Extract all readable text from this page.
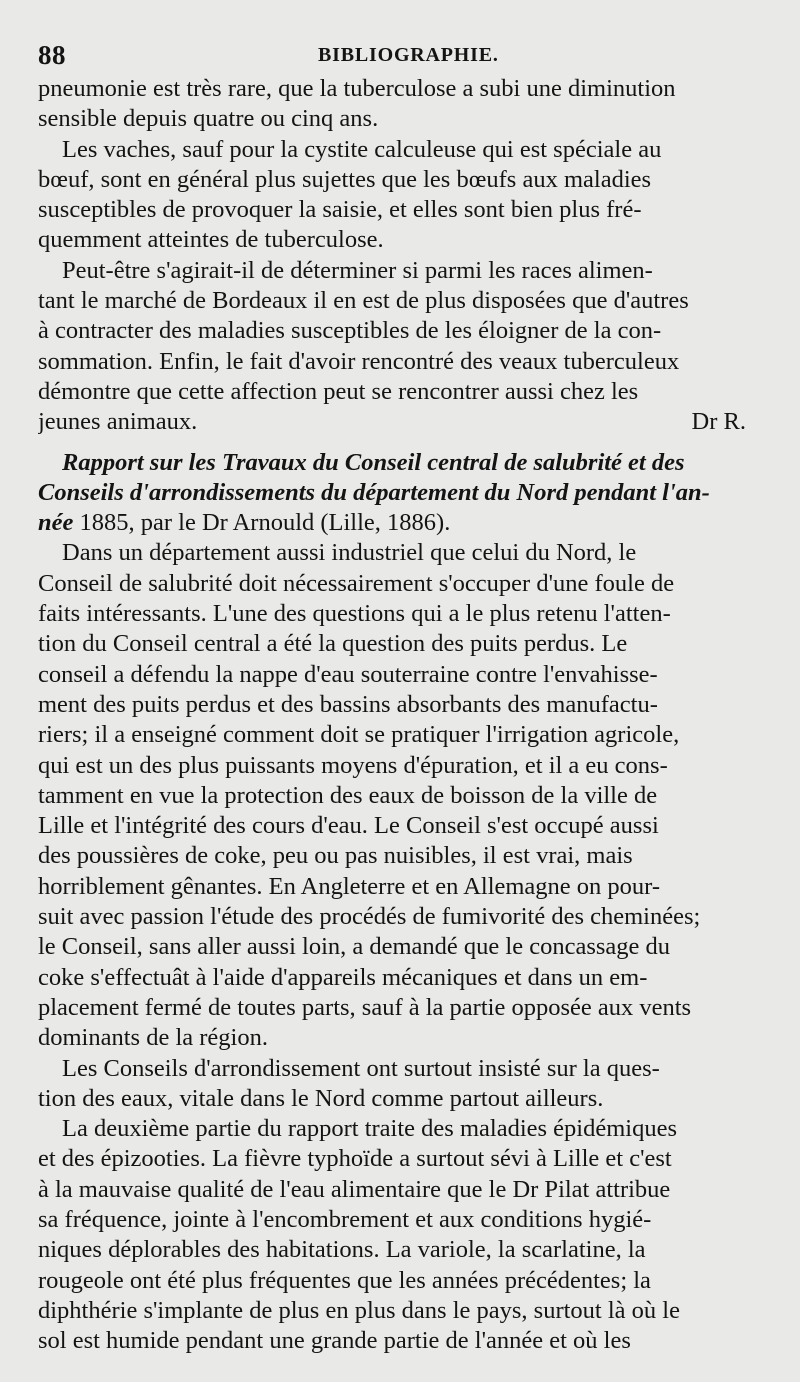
88	BIBLIOGRAPHIE.
pneumonie est très rare, que la tuberculose a subi une diminution
sensible depuis quatre ou cinq ans.
Les vaches, sauf pour la cystite calculeuse qui est spéciale au
bœuf, sont en général plus sujettes que les bœufs aux maladies
susceptibles de provoquer la saisie, et elles sont bien plus fré-
quemment atteintes de tuberculose.
Peut-être s'agirait-il de déterminer si parmi les races alimen-
tant le marché de Bordeaux il en est de plus disposées que d'autres
à contracter des maladies susceptibles de les éloigner de la con-
sommation. Enfin, le fait d'avoir rencontré des veaux tuberculeux
démontre que cette affection peut se rencontrer aussi chez les
jeunes animaux.	Dr R.
Rapport sur les Travaux du Conseil central de salubrité et des
Conseils d'arrondissements du département du Nord pendant l'an-
née 1885, par le Dr Arnould (Lille, 1886).
Dans un département aussi industriel que celui du Nord, le
Conseil de salubrité doit nécessairement s'occuper d'une foule de
faits intéressants. L'une des questions qui a le plus retenu l'atten-
tion du Conseil central a été la question des puits perdus. Le
conseil a défendu la nappe d'eau souterraine contre l'envahisse-
ment des puits perdus et des bassins absorbants des manufactu-
riers; il a enseigné comment doit se pratiquer l'irrigation agricole,
qui est un des plus puissants moyens d'épuration, et il a eu cons-
tamment en vue la protection des eaux de boisson de la ville de
Lille et l'intégrité des cours d'eau. Le Conseil s'est occupé aussi
des poussières de coke, peu ou pas nuisibles, il est vrai, mais
horriblement gênantes. En Angleterre et en Allemagne on pour-
suit avec passion l'étude des procédés de fumivorité des cheminées;
le Conseil, sans aller aussi loin, a demandé que le concassage du
coke s'effectuât à l'aide d'appareils mécaniques et dans un em-
placement fermé de toutes parts, sauf à la partie opposée aux vents
dominants de la région.
Les Conseils d'arrondissement ont surtout insisté sur la ques-
tion des eaux, vitale dans le Nord comme partout ailleurs.
La deuxième partie du rapport traite des maladies épidémiques
et des épizooties. La fièvre typhoïde a surtout sévi à Lille et c'est
à la mauvaise qualité de l'eau alimentaire que le Dr Pilat attribue
sa fréquence, jointe à l'encombrement et aux conditions hygié-
niques déplorables des habitations. La variole, la scarlatine, la
rougeole ont été plus fréquentes que les années précédentes; la
diphthérie s'implante de plus en plus dans le pays, surtout là où le
sol est humide pendant une grande partie de l'année et où les
